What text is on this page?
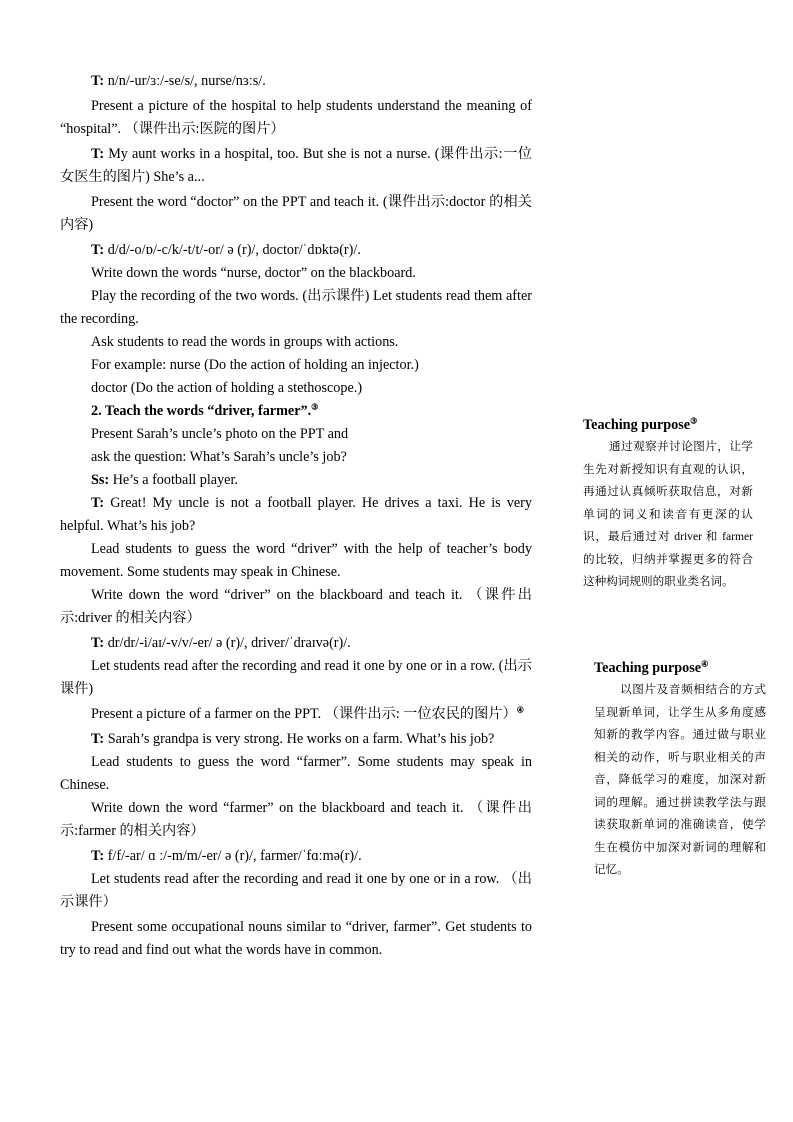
T: n/n/-ur/ɜː/-se/s/, nurse/nɜːs/.

Present a picture of the hospital to help students understand the meaning of “hospital”. （课件出示:医院的图片）

T: My aunt works in a hospital, too. But she is not a nurse. (课件出示:一位女医生的图片) She’s a...

Present the word “doctor” on the PPT and teach it. (课件出示:doctor 的相关内容)

T: d/d/-o/ɒ/-c/k/-t/t/-or/ ə (r)/, doctor/ˈdɒktə(r)/.

Write down the words “nurse, doctor” on the blackboard.

Play the recording of the two words. (出示课件) Let students read them after the recording.

Ask students to read the words in groups with actions.

For example: nurse (Do the action of holding an injector.)

doctor (Do the action of holding a stethoscope.)

2. Teach the words “driver, farmer”.③

Present Sarah’s uncle’s photo on the PPT and

ask the question: What’s Sarah’s uncle’s job?

Ss: He’s a football player.

T: Great! My uncle is not a football player. He drives a taxi. He is very helpful. What’s his job?

Lead students to guess the word “driver” with the help of teacher’s body movement. Some students may speak in Chinese.

Write down the word “driver” on the blackboard and teach it. （课件出示:driver 的相关内容）

T: dr/dr/-i/aɪ/-v/v/-er/ ə (r)/, driver/ˈdraɪvə(r)/.

Let students read after the recording and read it one by one or in a row. (出示课件)

Present a picture of a farmer on the PPT. （课件出示: 一位农民的图片）④

T: Sarah’s grandpa is very strong. He works on a farm. What’s his job?

Lead students to guess the word “farmer”. Some students may speak in Chinese.

Write down the word “farmer” on the blackboard and teach it. （课件出示:farmer 的相关内容）

T: f/f/-ar/ ɑ ː/-m/m/-er/ ə (r)/, farmer/ˈfɑːmə(r)/.

Let students read after the recording and read it one by one or in a row. （出示课件）

Present some occupational nouns similar to “driver, farmer”. Get students to try to read and find out what the words have in common.

Teaching purpose③

通过观察并讨论图片，让学生先对新授知识有直观的认识，再通过认真倾听获取信息，对新单词的词义和读音有更深的认识，最后通过对 driver 和 farmer 的比较，归纳并掌握更多的符合这种构词规则的职业类名词。

Teaching purpose④

以图片及音频相结合的方式呈现新单词，让学生从多角度感知新的教学内容。通过做与职业相关的动作，听与职业相关的声音，降低学习的难度，加深对新词的理解。通过拼读教学法与跟读获取新单词的准确读音，使学生在模仿中加深对新词的理解和记忆。
